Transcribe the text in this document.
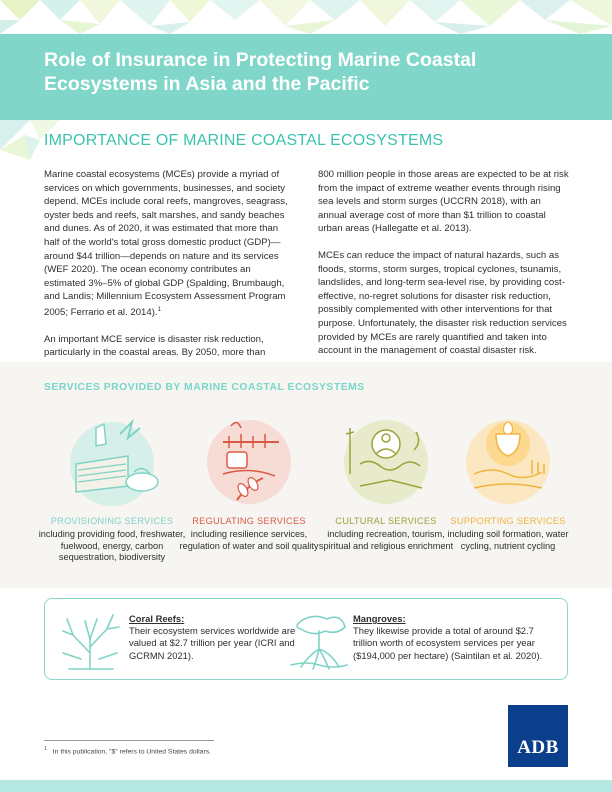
Role of Insurance in Protecting Marine Coastal Ecosystems in Asia and the Pacific
IMPORTANCE OF MARINE COASTAL ECOSYSTEMS

Marine coastal ecosystems (MCEs) provide a myriad of services on which governments, businesses, and society depend. MCEs include coral reefs, mangroves, seagrass, oyster beds and reefs, salt marshes, and sandy beaches and dunes. As of 2020, it was estimated that more than half of the world's total gross domestic product (GDP)—around $44 trillion—depends on nature and its services (WEF 2020). The ocean economy contributes an estimated 3%–5% of global GDP (Spalding, Brumbaugh, and Landis; Millennium Ecosystem Assessment Program 2005; Ferrario et al. 2014).$^1$

An important MCE service is disaster risk reduction, particularly in the coastal areas. By 2050, more than

800 million people in those areas are expected to be at risk from the impact of extreme weather events through rising sea levels and storm surges (UCCRN 2018), with an annual average cost of more than $1 trillion to coastal urban areas (Hallegatte et al. 2013).

MCEs can reduce the impact of natural hazards, such as floods, storms, storm surges, tropical cyclones, tsunamis, landslides, and long-term sea-level rise, by providing cost-effective, no-regret solutions for disaster risk reduction, possibly complemented with other interventions for that purpose. Unfortunately, the disaster risk reduction services provided by MCEs are rarely quantified and taken into account in the management of coastal disaster risk.

SERVICES PROVIDED BY MARINE COASTAL ECOSYSTEMS
PROVISIONING SERVICES
including providing food, freshwater, fuelwood, energy, carbon sequestration, biodiversity
REGULATING SERVICES
including resilience services, regulation of water and soil quality
CULTURAL SERVICES
including recreation, tourism, spiritual and religious enrichment
SUPPORTING SERVICES
including soil formation, water cycling, nutrient cycling
Coral Reefs:
Their ecosystem services worldwide are valued at $2.7 trillion per year (ICRI and GCRMN 2021).
Mangroves:
They likewise provide a total of around $2.7 trillion worth of ecosystem services per year ($194,000 per hectare) (Saintilan et al. 2020).
ADB
$^1$ In this publication, "$" refers to United States dollars.
